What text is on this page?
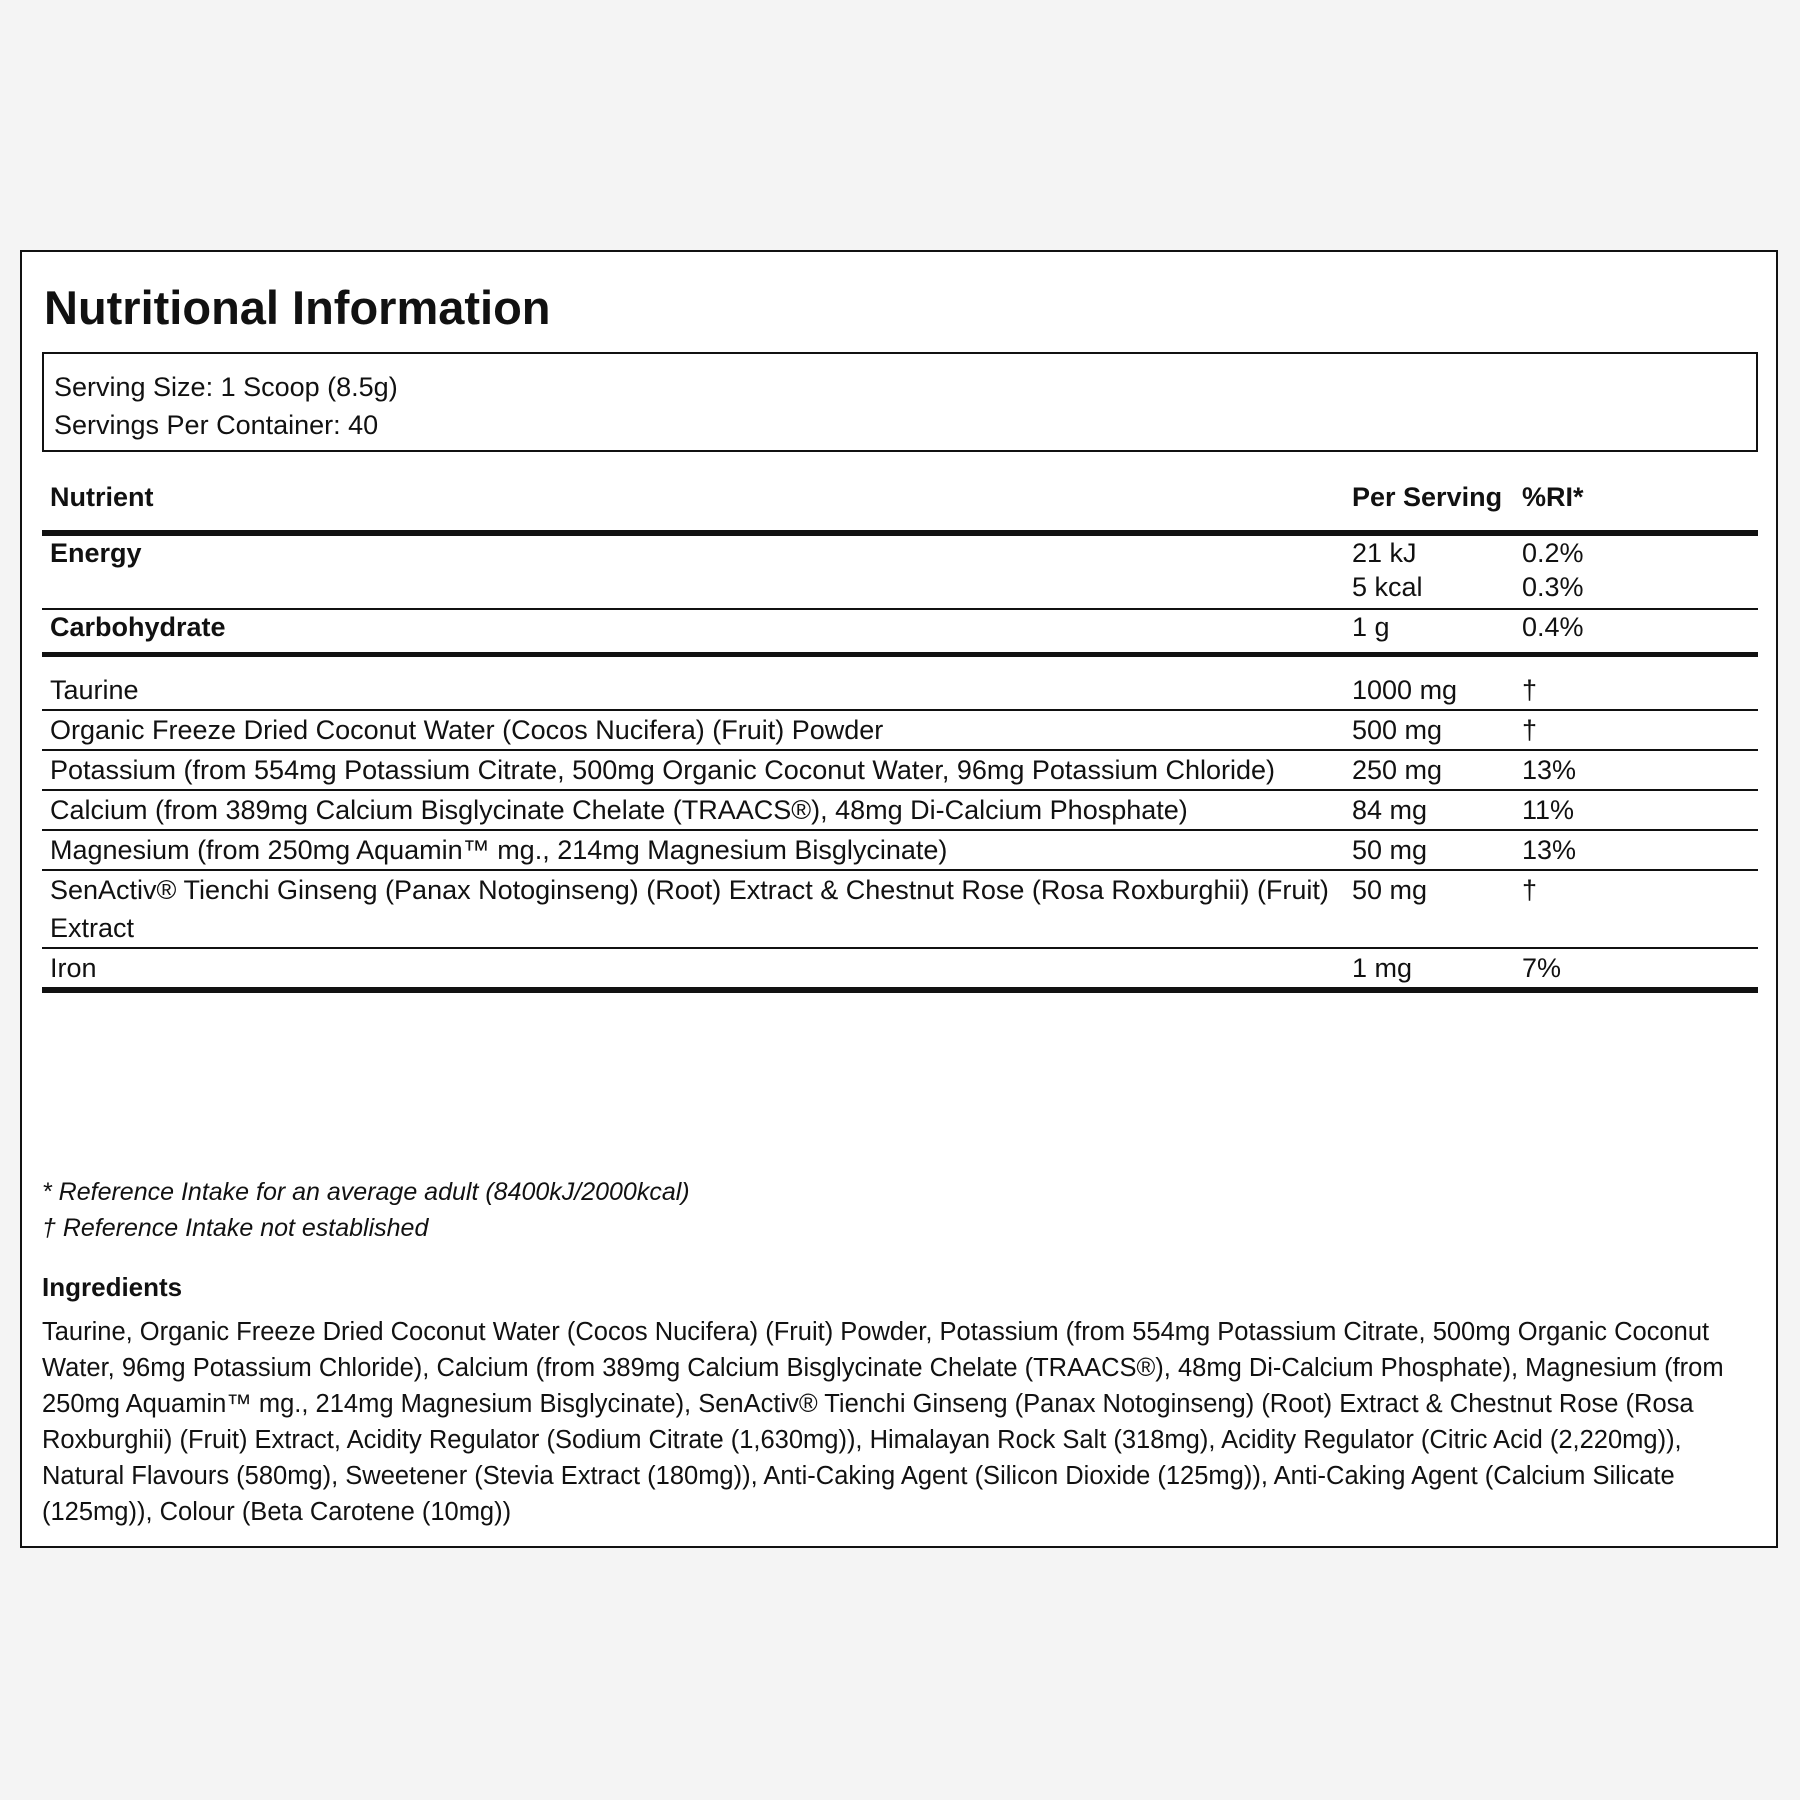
Nutritional Information
Serving Size: 1 Scoop (8.5g)
Servings Per Container: 40
Nutrient	Per Serving	%RI*
Energy	21 kJ	0.2%
	5 kcal	0.3%
Carbohydrate	1 g	0.4%
Taurine	1000 mg	†
Organic Freeze Dried Coconut Water (Cocos Nucifera) (Fruit) Powder	500 mg	†
Potassium (from 554mg Potassium Citrate, 500mg Organic Coconut Water, 96mg Potassium Chloride)	250 mg	13%
Calcium (from 389mg Calcium Bisglycinate Chelate (TRAACS®), 48mg Di-Calcium Phosphate)	84 mg	11%
Magnesium (from 250mg Aquamin™ mg., 214mg Magnesium Bisglycinate)	50 mg	13%
SenActiv® Tienchi Ginseng (Panax Notoginseng) (Root) Extract & Chestnut Rose (Rosa Roxburghii) (Fruit) Extract	50 mg	†
Iron	1 mg	7%
* Reference Intake for an average adult (8400kJ/2000kcal)
† Reference Intake not established
Ingredients

Taurine, Organic Freeze Dried Coconut Water (Cocos Nucifera) (Fruit) Powder, Potassium (from 554mg Potassium Citrate, 500mg Organic Coconut Water, 96mg Potassium Chloride), Calcium (from 389mg Calcium Bisglycinate Chelate (TRAACS®), 48mg Di-Calcium Phosphate), Magnesium (from 250mg Aquamin™ mg., 214mg Magnesium Bisglycinate), SenActiv® Tienchi Ginseng (Panax Notoginseng) (Root) Extract & Chestnut Rose (Rosa Roxburghii) (Fruit) Extract, Acidity Regulator (Sodium Citrate (1,630mg)), Himalayan Rock Salt (318mg), Acidity Regulator (Citric Acid (2,220mg)), Natural Flavours (580mg), Sweetener (Stevia Extract (180mg)), Anti-Caking Agent (Silicon Dioxide (125mg)), Anti-Caking Agent (Calcium Silicate (125mg)), Colour (Beta Carotene (10mg))
